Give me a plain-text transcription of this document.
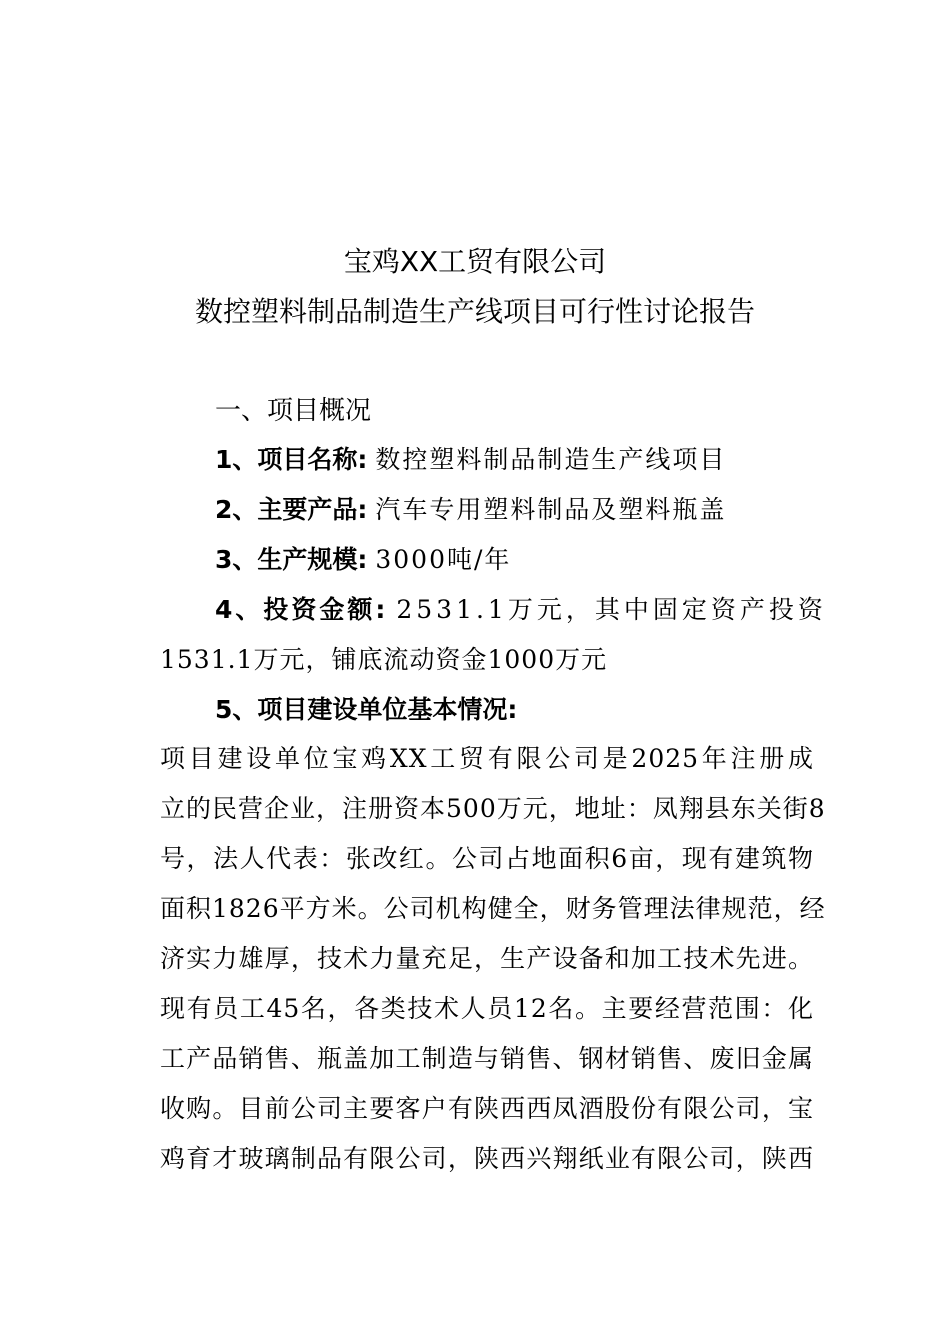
宝鸡XX工贸有限公司
数控塑料制品制造生产线项目可行性讨论报告
一、项目概况
1、项目名称: 数控塑料制品制造生产线项目
2、主要产品: 汽车专用塑料制品及塑料瓶盖
3、生产规模: 3000吨/年
4、投资金额: 2531.1万元，其中固定资产投资
1531.1万元，铺底流动资金1000万元
5、项目建设单位基本情况:
项目建设单位宝鸡XX工贸有限公司是2025年注册成
立的民营企业，注册资本500万元，地址：凤翔县东关街8
号，法人代表：张改红。公司占地面积6亩，现有建筑物
面积1826平方米。公司机构健全，财务管理法律规范，经
济实力雄厚，技术力量充足，生产设备和加工技术先进。
现有员工45名，各类技术人员12名。主要经营范围：化
工产品销售、瓶盖加工制造与销售、钢材销售、废旧金属
收购。目前公司主要客户有陕西西凤酒股份有限公司，宝
鸡育才玻璃制品有限公司，陕西兴翔纸业有限公司，陕西
